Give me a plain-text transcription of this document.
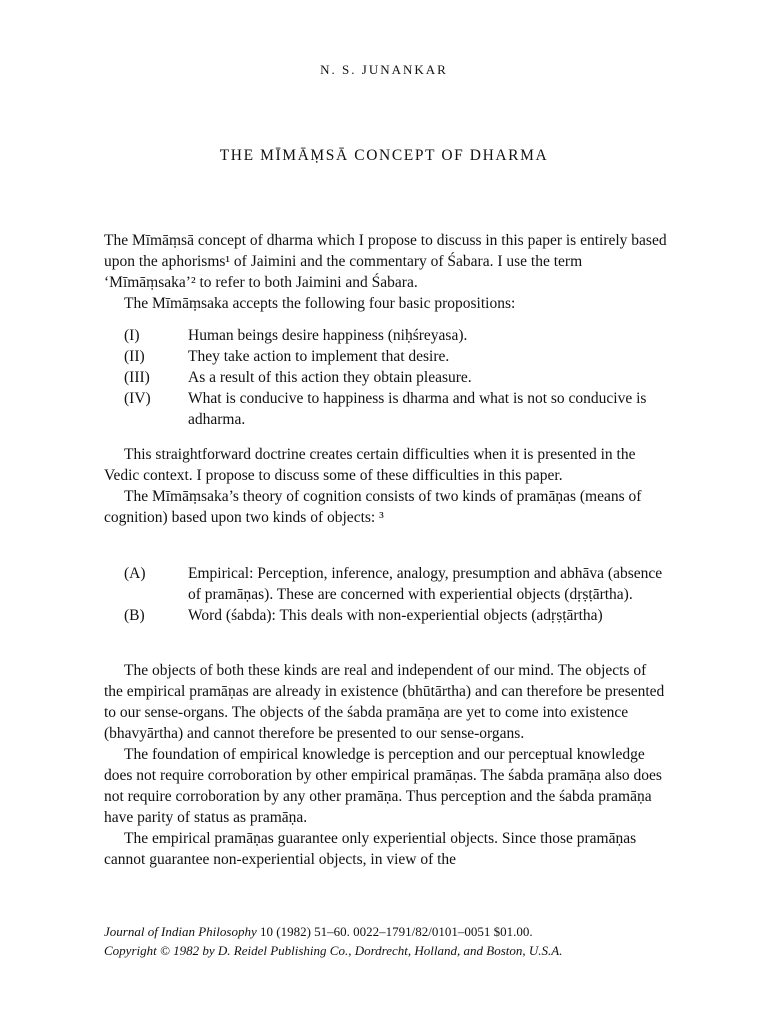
N. S. JUNANKAR
THE MĪMĀṂSĀ CONCEPT OF DHARMA

The Mīmāṃsā concept of dharma which I propose to discuss in this paper is entirely based upon the aphorisms¹ of Jaimini and the commentary of Śabara. I use the term ‘Mīmāṃsaka’² to refer to both Jaimini and Śabara.

The Mīmāṃsaka accepts the following four basic propositions:

(I)	Human beings desire happiness (niḥśreyasa).
(II)	They take action to implement that desire.
(III)	As a result of this action they obtain pleasure.
(IV)	What is conducive to happiness is dharma and what is not so conducive is adharma.

This straightforward doctrine creates certain difficulties when it is presented in the Vedic context. I propose to discuss some of these difficulties in this paper.

The Mīmāṃsaka’s theory of cognition consists of two kinds of pramāṇas (means of cognition) based upon two kinds of objects: ³

(A)	Empirical: Perception, inference, analogy, presumption and abhāva (absence of pramāṇas). These are concerned with experiential objects (dṛṣṭārtha).
(B)	Word (śabda): This deals with non-experiential objects (adṛṣṭārtha)

The objects of both these kinds are real and independent of our mind. The objects of the empirical pramāṇas are already in existence (bhūtārtha) and can therefore be presented to our sense-organs. The objects of the śabda pramāṇa are yet to come into existence (bhavyārtha) and cannot therefore be presented to our sense-organs.

The foundation of empirical knowledge is perception and our perceptual knowledge does not require corroboration by other empirical pramāṇas. The śabda pramāṇa also does not require corroboration by any other pramāṇa. Thus perception and the śabda pramāṇa have parity of status as pramāṇa.

The empirical pramāṇas guarantee only experiential objects. Since those pramāṇas cannot guarantee non-experiential objects, in view of the

Journal of Indian Philosophy 10 (1982) 51–60. 0022–1791/82/0101–0051 $01.00.
Copyright © 1982 by D. Reidel Publishing Co., Dordrecht, Holland, and Boston, U.S.A.
